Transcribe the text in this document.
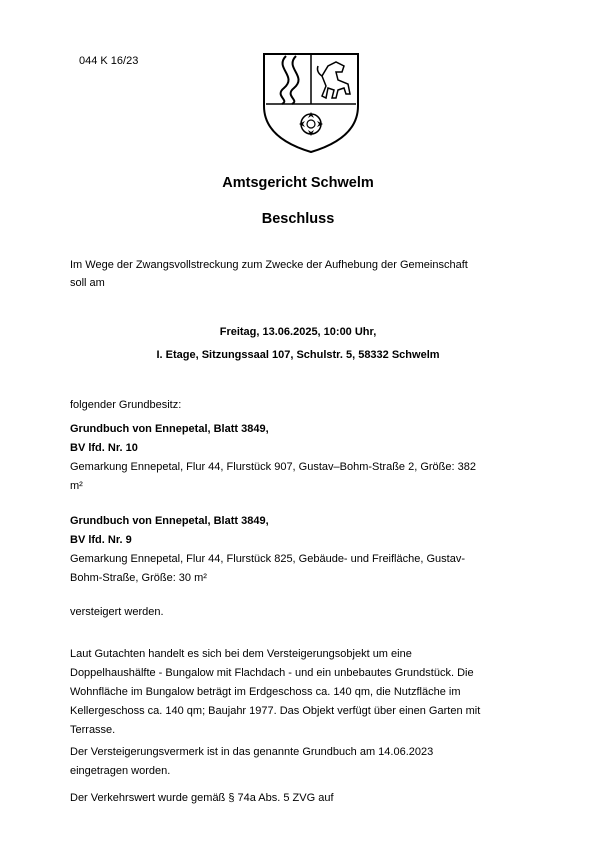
044 K 16/23
Amtsgericht Schwelm
Beschluss
Im Wege der Zwangsvollstreckung zum Zwecke der Aufhebung der Gemeinschaft
soll am
Freitag, 13.06.2025, 10:00 Uhr,
I. Etage, Sitzungssaal 107, Schulstr. 5, 58332 Schwelm
folgender Grundbesitz:
Grundbuch von Ennepetal, Blatt 3849,
BV lfd. Nr. 10
Gemarkung Ennepetal, Flur 44, Flurstück 907, Gustav–Bohm-Straße 2, Größe: 382
m²
Grundbuch von Ennepetal, Blatt 3849,
BV lfd. Nr. 9
Gemarkung Ennepetal, Flur 44, Flurstück 825, Gebäude- und Freifläche, Gustav-
Bohm-Straße, Größe: 30 m²
versteigert werden.
Laut Gutachten handelt es sich bei dem Versteigerungsobjekt um eine
Doppelhaushälfte - Bungalow mit Flachdach - und ein unbebautes Grundstück. Die
Wohnfläche im Bungalow beträgt im Erdgeschoss ca. 140 qm, die Nutzfläche im
Kellergeschoss ca. 140 qm; Baujahr 1977. Das Objekt verfügt über einen Garten mit
Terrasse.
Der Versteigerungsvermerk ist in das genannte Grundbuch am 14.06.2023
eingetragen worden.
Der Verkehrswert wurde gemäß § 74a Abs. 5 ZVG auf
